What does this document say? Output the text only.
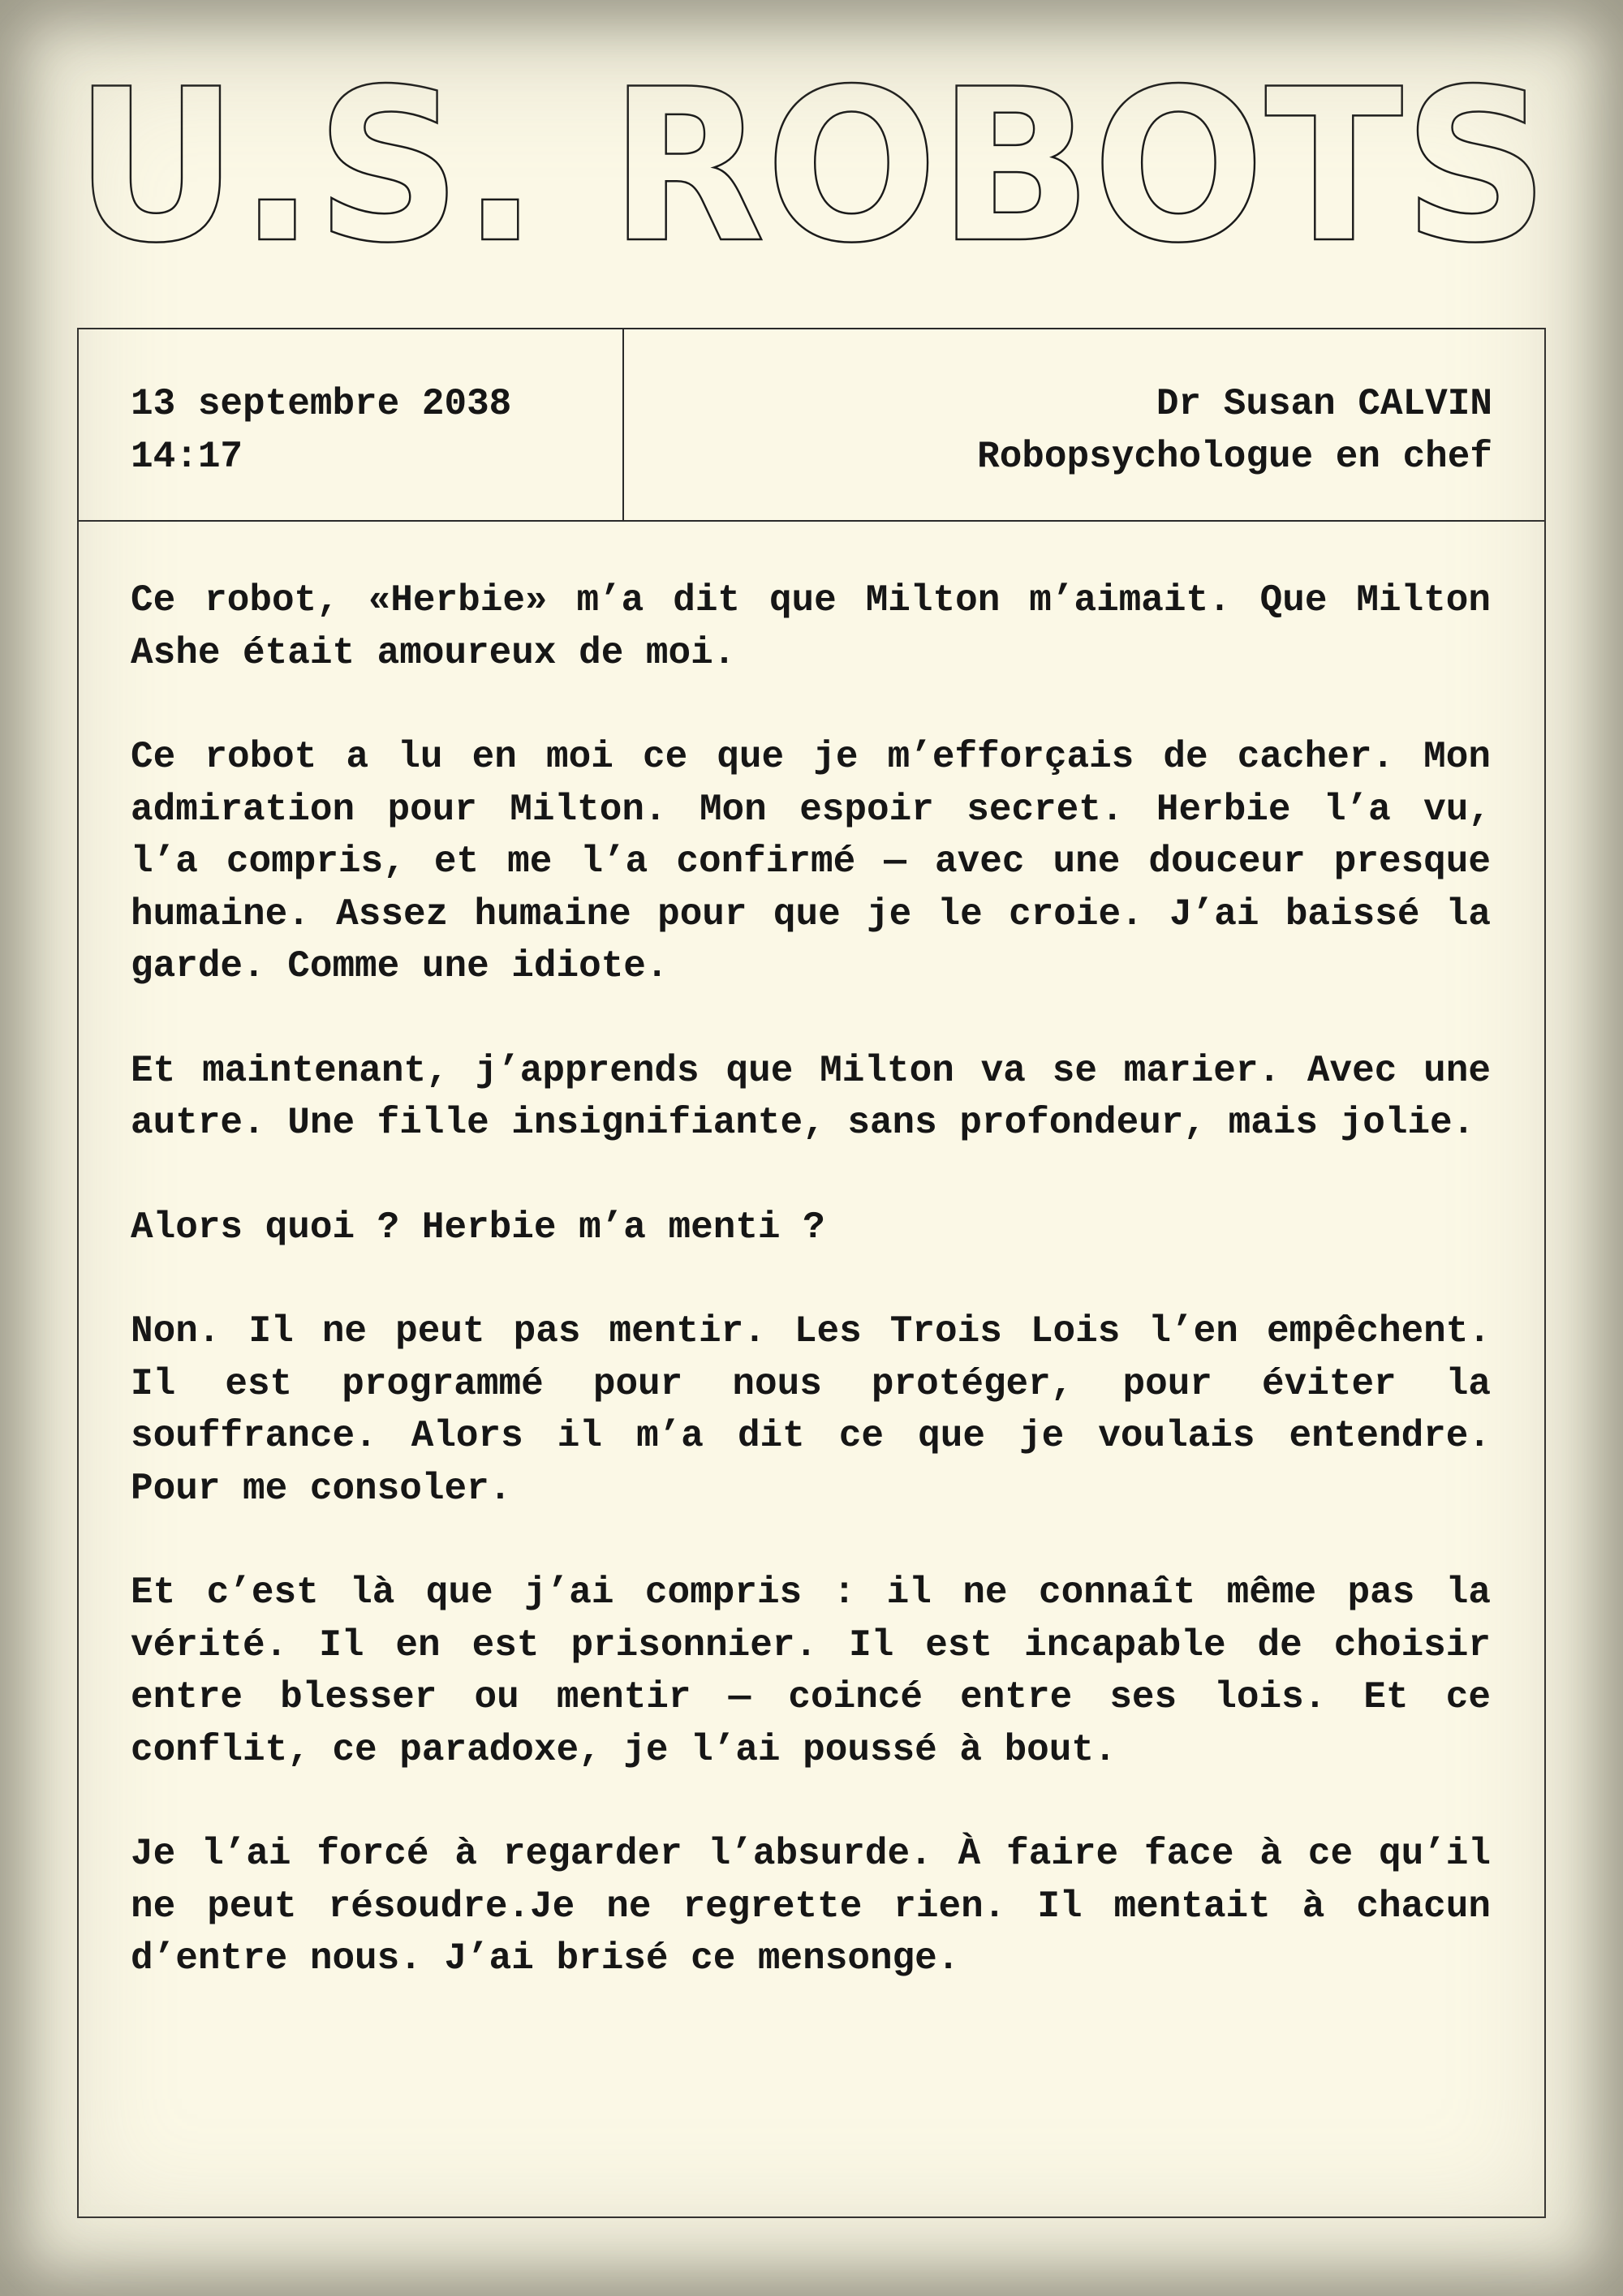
U.S. ROBOTS
13 septembre 2038
14:17
Dr Susan CALVIN
Robopsychologue en chef

Ce robot, «Herbie» m’a dit que Milton m’aimait. Que Milton Ashe était amoureux de moi.

Ce robot a lu en moi ce que je m’efforçais de cacher. Mon admiration pour Milton. Mon espoir secret. Herbie l’a vu, l’a compris, et me l’a confirmé — avec une douceur presque humaine. Assez humaine pour que je le croie. J’ai baissé la garde. Comme une idiote.

Et maintenant, j’apprends que Milton va se marier. Avec une autre. Une fille insignifiante, sans profondeur, mais jolie.

Alors quoi ? Herbie m’a menti ?

Non. Il ne peut pas mentir. Les Trois Lois l’en empêchent. Il est programmé pour nous protéger, pour éviter la souffrance. Alors il m’a dit ce que je voulais entendre. Pour me consoler.

Et c’est là que j’ai compris : il ne connaît même pas la vérité. Il en est prisonnier. Il est incapable de choisir entre blesser ou mentir — coincé entre ses lois. Et ce conflit, ce paradoxe, je l’ai poussé à bout.

Je l’ai forcé à regarder l’absurde. À faire face à ce qu’il ne peut résoudre.Je ne regrette rien. Il mentait à chacun d’entre nous. J’ai brisé ce mensonge.
